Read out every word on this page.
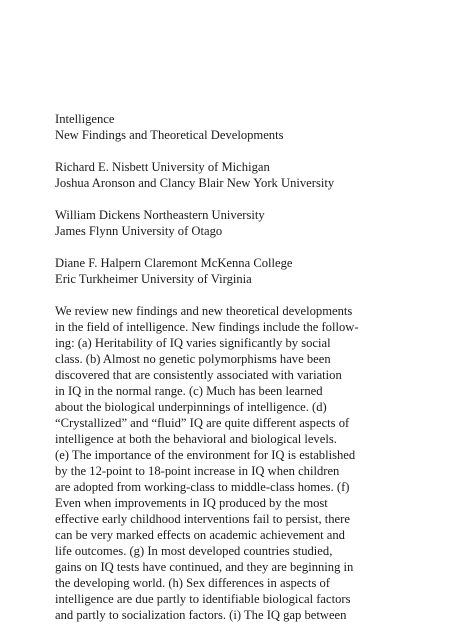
Intelligence
New Findings and Theoretical Developments
Richard E. Nisbett University of Michigan
Joshua Aronson and Clancy Blair New York University
William Dickens Northeastern University
James Flynn University of Otago
Diane F. Halpern Claremont McKenna College
Eric Turkheimer University of Virginia
We review new findings and new theoretical developments
in the field of intelligence. New findings include the follow-
ing: (a) Heritability of IQ varies significantly by social
class. (b) Almost no genetic polymorphisms have been
discovered that are consistently associated with variation
in IQ in the normal range. (c) Much has been learned
about the biological underpinnings of intelligence. (d)
“Crystallized” and “fluid” IQ are quite different aspects of
intelligence at both the behavioral and biological levels.
(e) The importance of the environment for IQ is established
by the 12-point to 18-point increase in IQ when children
are adopted from working-class to middle-class homes. (f)
Even when improvements in IQ produced by the most
effective early childhood interventions fail to persist, there
can be very marked effects on academic achievement and
life outcomes. (g) In most developed countries studied,
gains on IQ tests have continued, and they are beginning in
the developing world. (h) Sex differences in aspects of
intelligence are due partly to identifiable biological factors
and partly to socialization factors. (i) The IQ gap between
